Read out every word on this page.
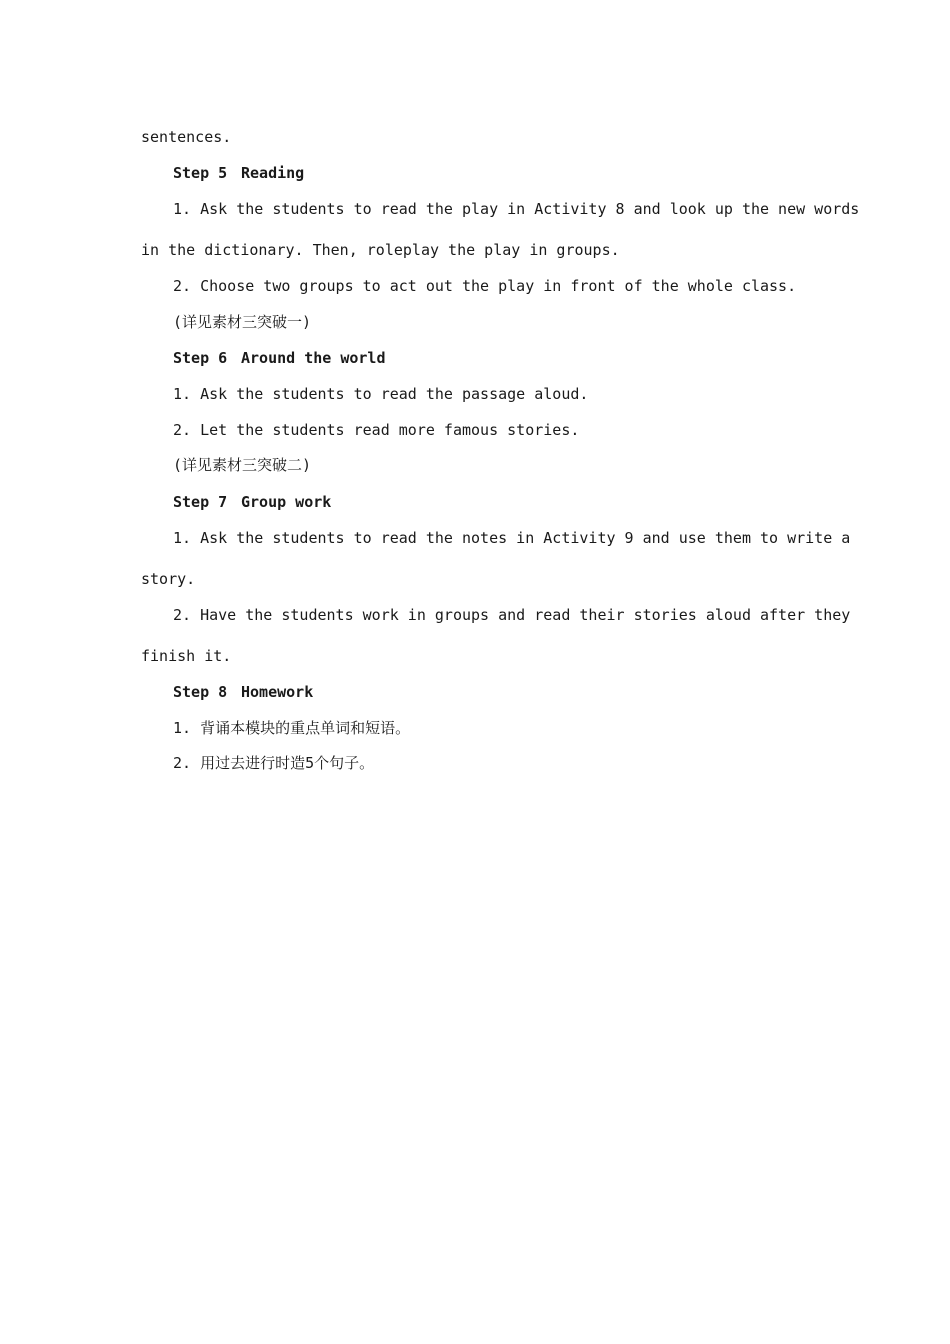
sentences.

Step 5 Reading

1. Ask the students to read the play in Activity 8 and look up the new words

in the dictionary. Then, roleplay the play in groups.

2. Choose two groups to act out the play in front of the whole class.

(详见素材三突破一)

Step 6 Around the world

1. Ask the students to read the passage aloud.

2. Let the students read more famous stories.

(详见素材三突破二)

Step 7 Group work

1. Ask the students to read the notes in Activity 9 and use them to write a

story.

2. Have the students work in groups and read their stories aloud after they

finish it.

Step 8 Homework

1. 背诵本模块的重点单词和短语。

2. 用过去进行时造5个句子。
